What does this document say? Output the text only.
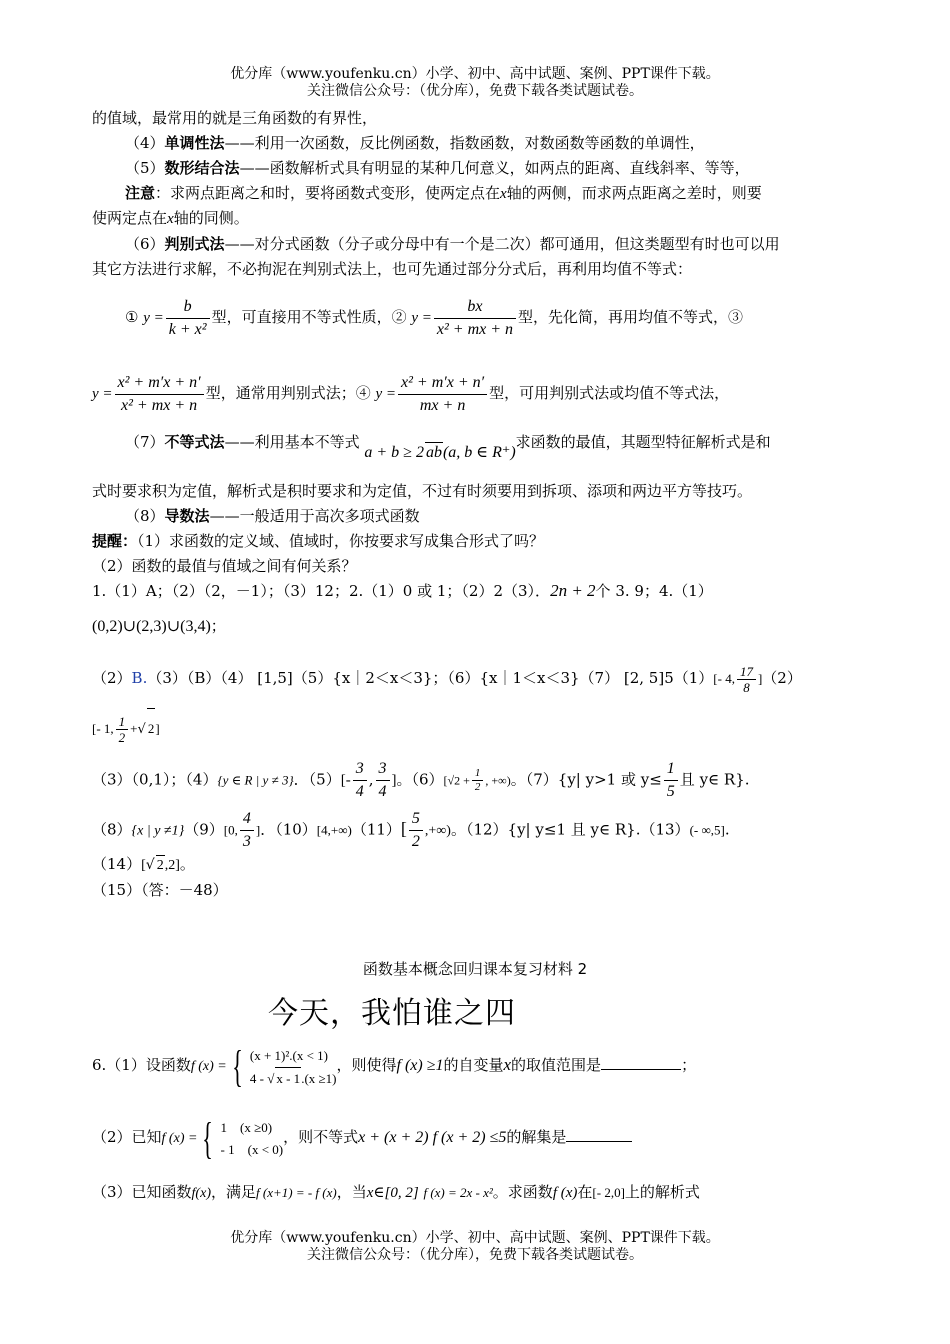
优分库（www.youfenku.cn）小学、初中、高中试题、案例、PPT课件下载。
关注微信公众号：（优分库），免费下载各类试题试卷。
的值域，最常用的就是三角函数的有界性，
（4）单调性法——利用一次函数，反比例函数，指数函数，对数函数等函数的单调性，
（5）数形结合法——函数解析式具有明显的某种几何意义，如两点的距离、直线斜率、等等，
注意：求两点距离之和时，要将函数式变形，使两定点在x轴的两侧，而求两点距离之差时，则要
使两定点在x轴的同侧。
（6）判别式法——对分式函数（分子或分母中有一个是二次）都可通用，但这类题型有时也可以用
其它方法进行求解，不必拘泥在判别式法上，也可先通过部分分式后，再利用均值不等式：
① $y = \frac{b}{\text{k + x²}}$ 型，可直接用不等式性质，② $y = \frac{bx}{\text{x² + mx + n}}$ 型，先化简，再用均值不等式，③
$y = \frac{\text{x² + m′x + n′}}{\text{x² + mx + n}}$ 型，通常用判别式法；④ $y = \frac{\text{x² + m′x + n′}}{mx + n}$ 型，可用判别式法或均值不等式法，
（7）不等式法——利用基本不等式 a + b ≥ 2 ab(a, b ∈ R⁺)求函数的最值，其题型特征解析式是和
式时要求积为定值，解析式是积时要求和为定值，不过有时须要用到拆项、添项和两边平方等技巧。
（8）导数法——一般适用于高次多项式函数
提醒：（1）求函数的定义域、值域时，你按要求写成集合形式了吗？
（2）函数的最值与值域之间有何关系？
1.（1）A；（2）（2，－1）；（3）12；2.（1）0 或 1；（2）2（3）．2n + 2个 3. 9；4.（1）
(0,2)∪(2,3)∪(3,4)；
（2）B.（3）（B）（4） [1,5]（5）{x｜2＜x＜3}；（6）{x｜1＜x＜3}（7） [2, 5]5（1）[- 4, $\frac{17}{8} ](2)$
[- 1, $\frac{1}{2}$ +√ 2]
（3）（0,1）；（4）{y ∈ R | y ≠ 3}．$(5)[- \frac{3}{4}$ , $\frac{3}{4}$ ]。$(6)[√2 + \frac{1}{2}$ , +∞)。（7）{y| y>1 或 $y\le \frac{1}{5}$ 且 y∈ R}.
（8）{x | y ≠1}（9）[0, $\frac{4}{3}$ ]．$(10)[4,+\infty)(11)[ \frac{5}{2}$ ,+∞)。（12）{y| y≤1 且 y∈ R}.（13）(- ∞,5].
（14）[√ 2,2]。
（15）（答：－48）
函数基本概念回归课本复习材料 2
今天，我怕谁之四
6.（1）设函数f (x) = { (x + 1)².(x < 1)
4 - √ x - 1.(x ≥1)
，则使得f (x) ≥1的自变量x的取值范围是	；
（2）已知f (x) = { 1    (x ≥0)
- 1    (x < 0)
，则不等式x + (x + 2) f (x + 2) ≤5的解集是
（3）已知函数f(x)，满足f (x+1) = - f (x)，当x∈[0, 2] f (x) = 2x - x²。求函数f (x)在[- 2,0]上的解析式
优分库（www.youfenku.cn）小学、初中、高中试题、案例、PPT课件下载。
关注微信公众号：（优分库），免费下载各类试题试卷。
